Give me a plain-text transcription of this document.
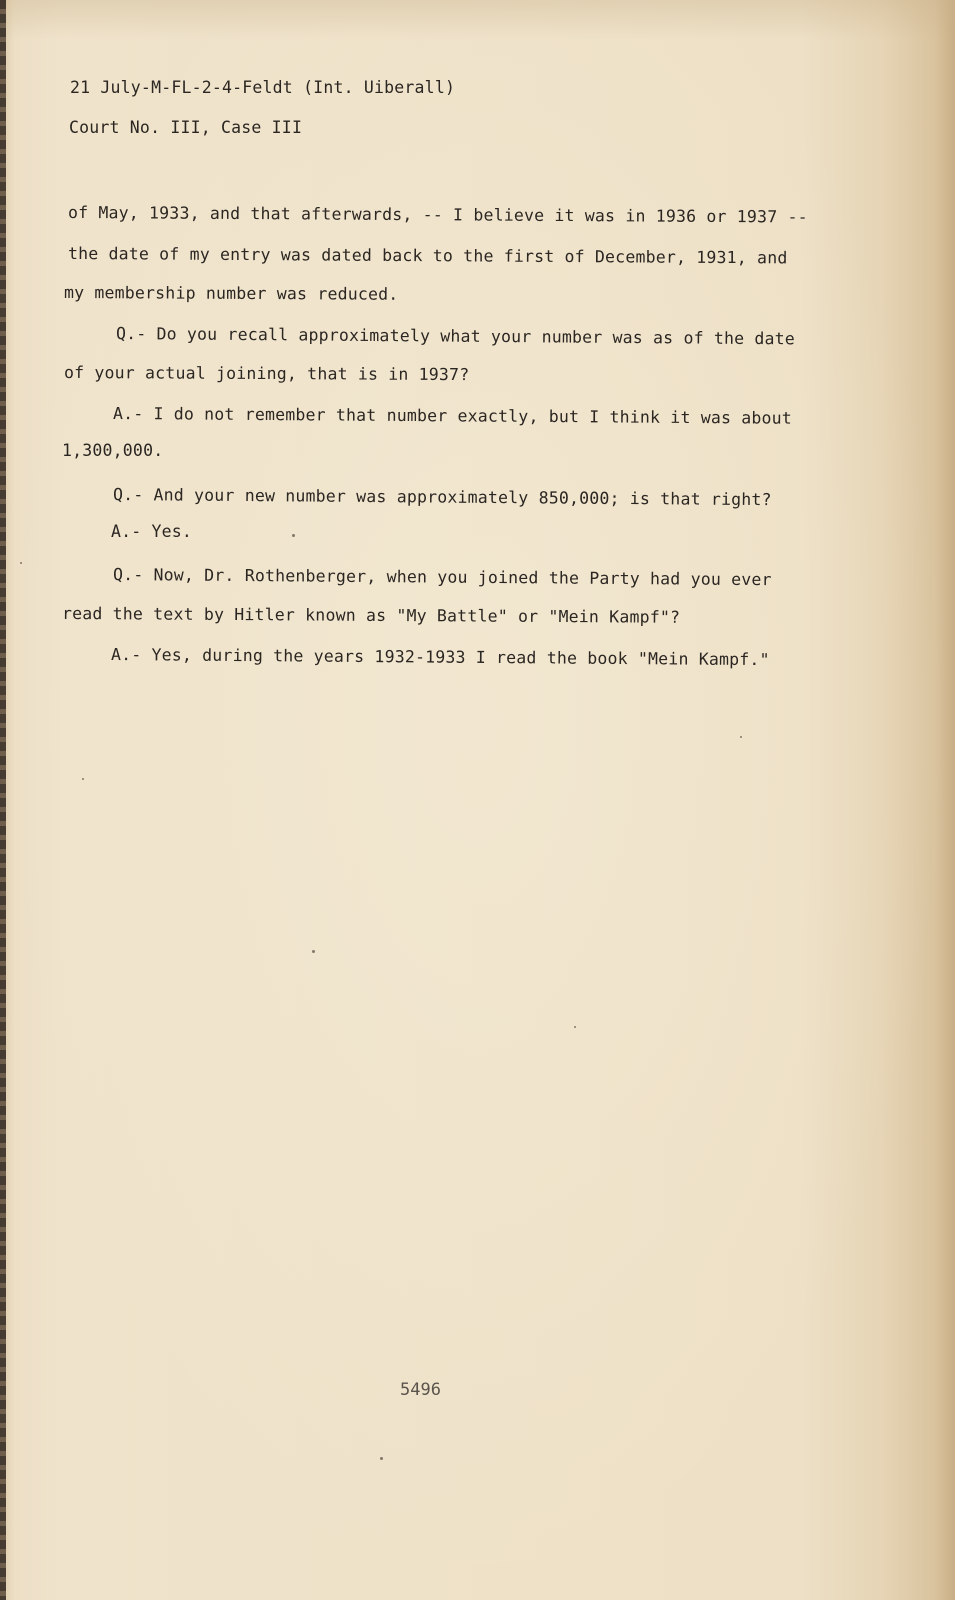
21 July-M-FL-2-4-Feldt (Int. Uiberall)
Court No. III, Case III
of May, 1933, and that afterwards, -- I believe it was in 1936 or 1937 --
the date of my entry was dated back to the first of December, 1931, and
my membership number was reduced.
Q.- Do you recall approximately what your number was as of the date
of your actual joining, that is in 1937?
A.- I do not remember that number exactly, but I think it was about
1,300,000.
Q.- And your new number was approximately 850,000; is that right?
A.- Yes.
Q.- Now, Dr. Rothenberger, when you joined the Party had you ever
read the text by Hitler known as "My Battle" or "Mein Kampf"?
A.- Yes, during the years 1932-1933 I read the book "Mein Kampf."
5496
